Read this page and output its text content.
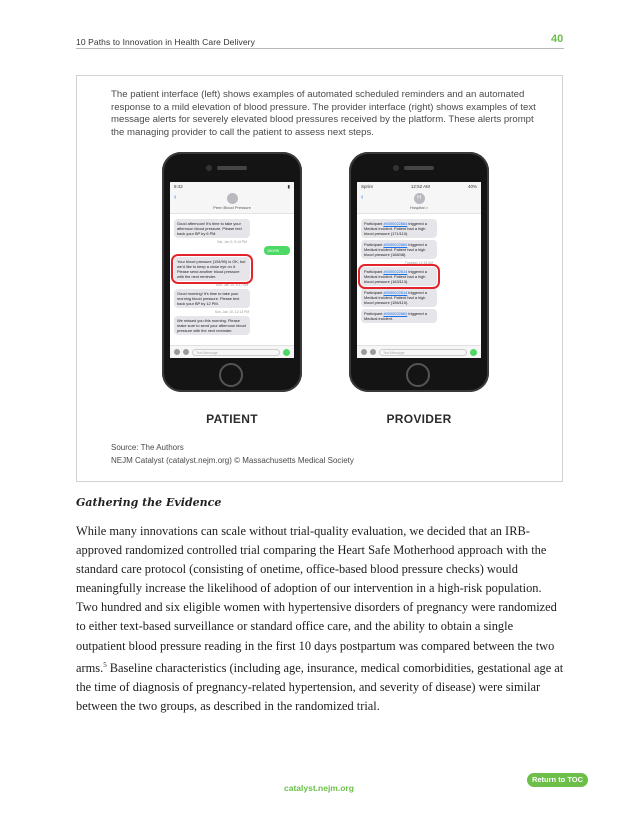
10 Paths to Innovation in Health Care Delivery	40

The patient interface (left) shows examples of automated scheduled reminders and an automated response to a mild elevation of blood pressure. The provider interface (right) shows examples of text message alerts for severely elevated blood pressures received by the platform. These alerts prompt the managing provider to call the patient to assess next steps.

8:42	▮
‹
Penn Blood Pressure
Good afternoon! It's time to take your afternoon blood pressure. Please text back your BP by 6 PM.
Sat, Jan 9, 5:14 PM
150/95
Your blood pressure (154/90) is OK, but we'd like to keep a close eye on it. Please send another blood pressure with the next reminder.
Sun, Jan 10, 8:17 AM
Good morning! It's time to take your morning blood pressure. Please text back your BP by 12 PM.
Sun, Jan 10, 12:13 PM
We missed you this morning. Please make sure to send your afternoon blood pressure with the next reminder.
Text Message
Sprint	12:52 AM	40%
‹	H
Hospital >
Participant #0000022864 triggered a Medical incident. Patient had a high blood pressure (171/110).
Participant #0000022860 triggered a Medical incident. Patient had a high blood pressure (168/48).
Tuesday 12:18 AM
Participant #0000022814 triggered a Medical incident. Patient had a high blood pressure (163/113).
Participant #0000022814 triggered a Medical incident. Patient had a high blood pressure (156/110).
Participant #0000022860 triggered a Medical incident.
Text Message
PATIENT	PROVIDER
Source: The Authors
NEJM Catalyst (catalyst.nejm.org) © Massachusetts Medical Society
Gathering the Evidence

While many innovations can scale without trial-quality evaluation, we decided that an IRB-approved randomized controlled trial comparing the Heart Safe Motherhood approach with the standard care protocol (consisting of onetime, office-based blood pressure checks) would meaningfully increase the likelihood of adoption of our intervention in a high-risk population. Two hundred and six eligible women with hypertensive disorders of pregnancy were randomized to either text-based surveillance or standard office care, and the ability to obtain a single outpatient blood pressure reading in the first 10 days postpartum was compared between the two arms.$^5$ Baseline characteristics (including age, insurance, medical comorbidities, gestational age at the time of diagnosis of pregnancy-related hypertension, and severity of disease) were similar between the two groups, as described in the randomized trial.

catalyst.nejm.org
Return to TOC
